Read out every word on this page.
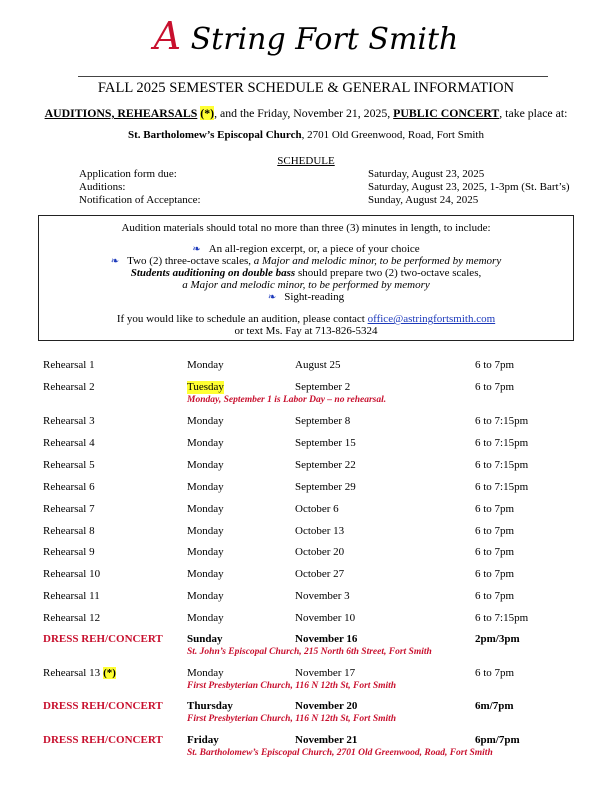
A String Fort Smith
FALL 2025 SEMESTER SCHEDULE & GENERAL INFORMATION
AUDITIONS, REHEARSALS (*), and the Friday, November 21, 2025, PUBLIC CONCERT, take place at:
St. Bartholomew’s Episcopal Church, 2701 Old Greenwood, Road, Fort Smith
SCHEDULE
Application form due:	Saturday, August 23, 2025
Auditions:	Saturday, August 23, 2025, 1-3pm (St. Bart’s)
Notification of Acceptance:	Sunday, August 24, 2025
Audition materials should total no more than three (3) minutes in length, to include:
❧ An all-region excerpt, or, a piece of your choice
❧ Two (2) three-octave scales, a Major and melodic minor, to be performed by memory
Students auditioning on double bass should prepare two (2) two-octave scales,
a Major and melodic minor, to be performed by memory
❧ Sight-reading
If you would like to schedule an audition, please contact office@astringfortsmith.com
or text Ms. Fay at 713-826-5324
Rehearsal 1	Monday	August 25	6 to 7pm
Rehearsal 2	Tuesday	September 2	6 to 7pm
Monday, September 1 is Labor Day – no rehearsal.
Rehearsal 3	Monday	September 8	6 to 7:15pm
Rehearsal 4	Monday	September 15	6 to 7:15pm
Rehearsal 5	Monday	September 22	6 to 7:15pm
Rehearsal 6	Monday	September 29	6 to 7:15pm
Rehearsal 7	Monday	October 6	6 to 7pm
Rehearsal 8	Monday	October 13	6 to 7pm
Rehearsal 9	Monday	October 20	6 to 7pm
Rehearsal 10	Monday	October 27	6 to 7pm
Rehearsal 11	Monday	November 3	6 to 7pm
Rehearsal 12	Monday	November 10	6 to 7:15pm
DRESS REH/CONCERT Sunday	November 16	2pm/3pm
St. John’s Episcopal Church, 215 North 6th Street, Fort Smith
Rehearsal 13 (*)	Monday	November 17	6 to 7pm
First Presbyterian Church, 116 N 12th St, Fort Smith
DRESS REH/CONCERT Thursday	November 20	6m/7pm
First Presbyterian Church, 116 N 12th St, Fort Smith
DRESS REH/CONCERT Friday	November 21	6pm/7pm
St. Bartholomew’s Episcopal Church, 2701 Old Greenwood, Road, Fort Smith
